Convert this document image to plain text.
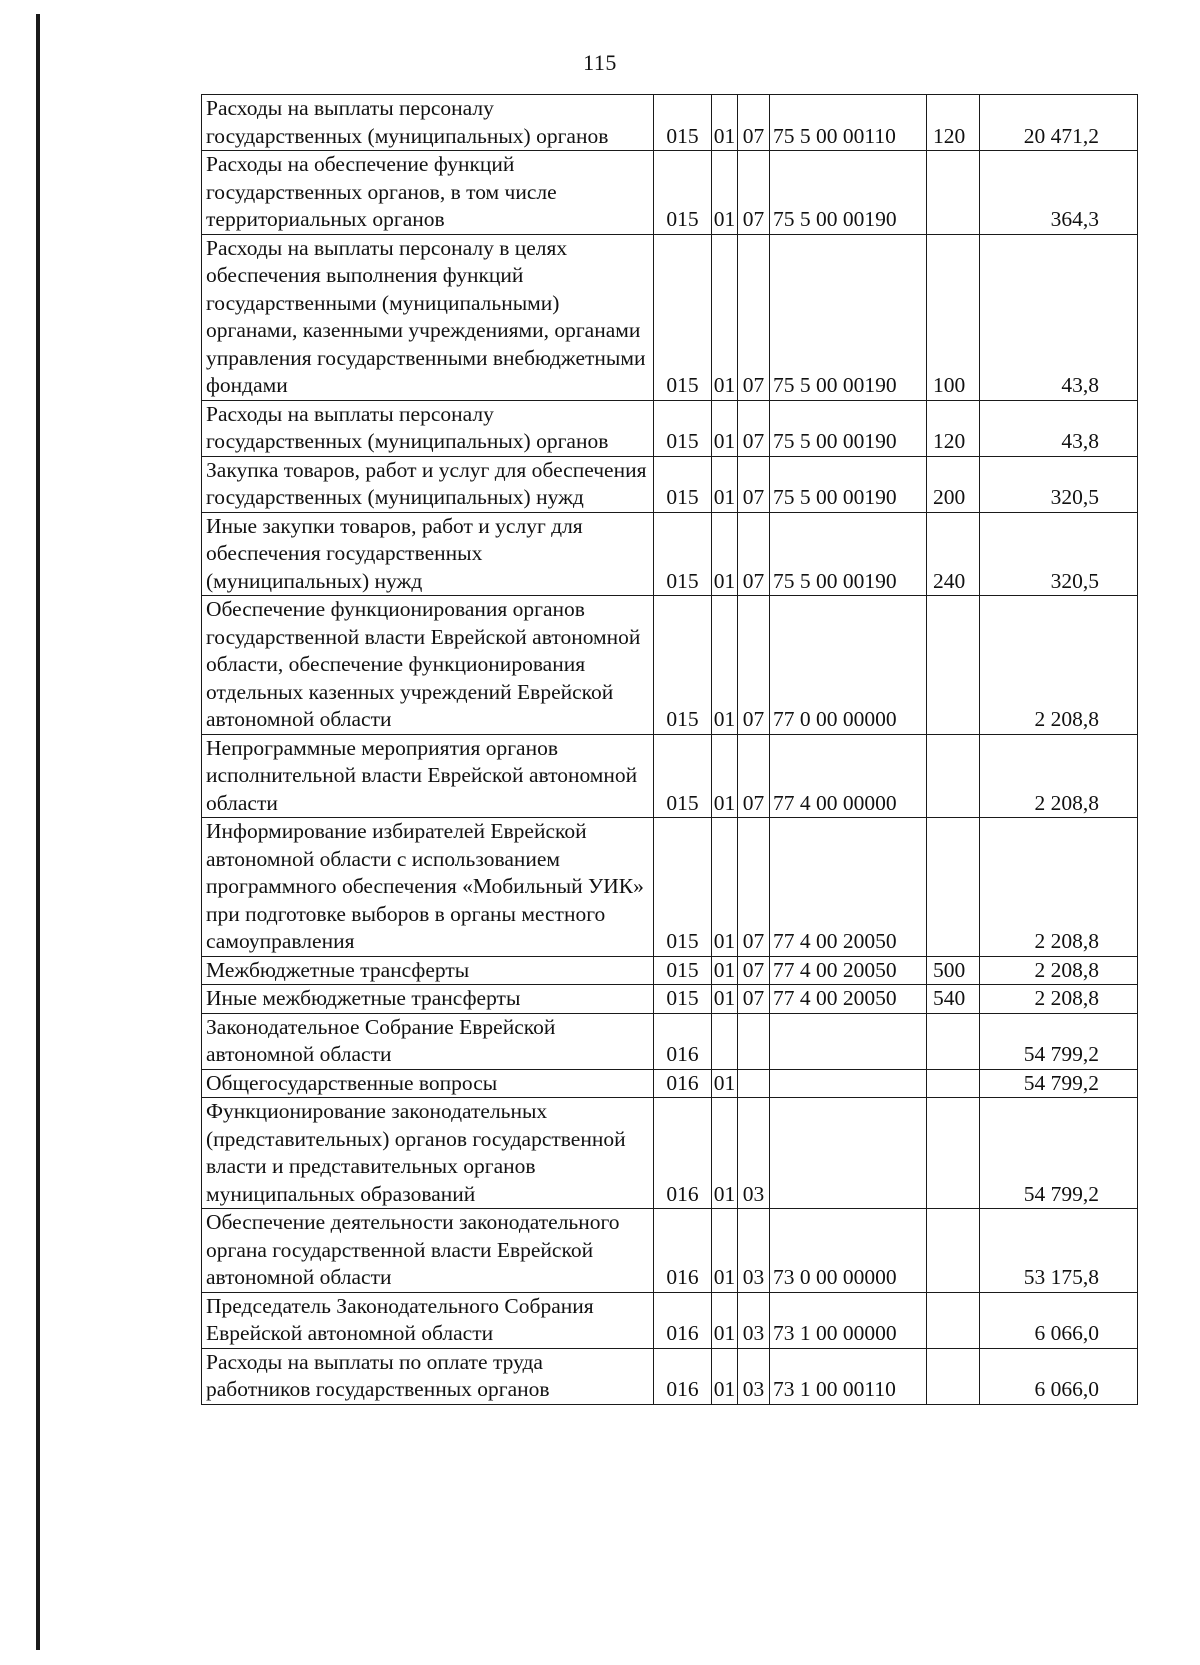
115
Расходы на выплаты персоналу государственных (муниципальных) органов	015	01	07	75 5 00 00110	120	20 471,2
Расходы на обеспечение функций государственных органов, в том числе территориальных органов	015	01	07	75 5 00 00190		364,3
Расходы на выплаты персоналу в целях обеспечения выполнения функций государственными (муниципальными) органами, казенными учреждениями, органами управления государственными внебюджетными фондами	015	01	07	75 5 00 00190	100	43,8
Расходы на выплаты персоналу государственных (муниципальных) органов	015	01	07	75 5 00 00190	120	43,8
Закупка товаров, работ и услуг для обеспечения государственных (муниципальных) нужд	015	01	07	75 5 00 00190	200	320,5
Иные закупки товаров, работ и услуг для обеспечения государственных (муниципальных) нужд	015	01	07	75 5 00 00190	240	320,5
Обеспечение функционирования органов государственной власти Еврейской автономной области, обеспечение функционирования отдельных казенных учреждений Еврейской автономной области	015	01	07	77 0 00 00000		2 208,8
Непрограммные мероприятия органов исполнительной власти Еврейской автономной области	015	01	07	77 4 00 00000		2 208,8
Информирование избирателей Еврейской автономной области с использованием программного обеспечения «Мобильный УИК» при подготовке выборов в органы местного самоуправления	015	01	07	77 4 00 20050		2 208,8
Межбюджетные трансферты	015	01	07	77 4 00 20050	500	2 208,8
Иные межбюджетные трансферты	015	01	07	77 4 00 20050	540	2 208,8
Законодательное Собрание Еврейской автономной области	016					54 799,2
Общегосударственные вопросы	016	01				54 799,2
Функционирование законодательных (представительных) органов государственной власти и представительных органов муниципальных образований	016	01	03			54 799,2
Обеспечение деятельности законодательного органа государственной власти Еврейской автономной области	016	01	03	73 0 00 00000		53 175,8
Председатель Законодательного Собрания Еврейской автономной области	016	01	03	73 1 00 00000		6 066,0
Расходы на выплаты по оплате труда работников государственных органов	016	01	03	73 1 00 00110		6 066,0
